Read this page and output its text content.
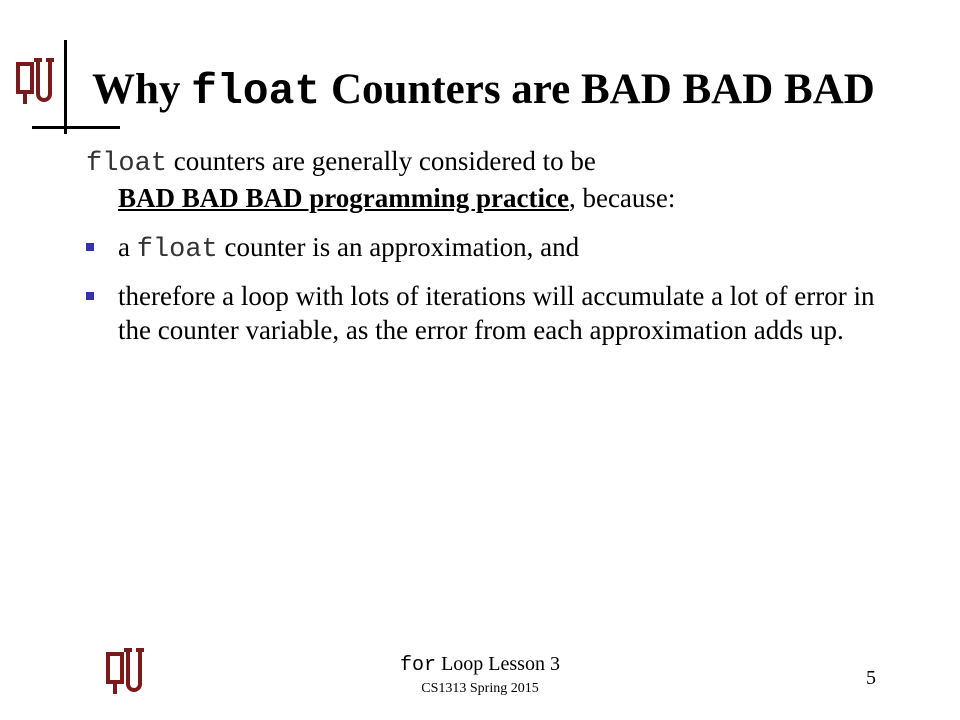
Why float Counters are BAD BAD BAD
float counters are generally considered to be
BAD BAD BAD programming practice, because:
a float counter is an approximation, and
therefore a loop with lots of iterations will accumulate a lot of error in the counter variable, as the error from each approximation adds up.
for Loop Lesson 3
CS1313 Spring 2015	5
